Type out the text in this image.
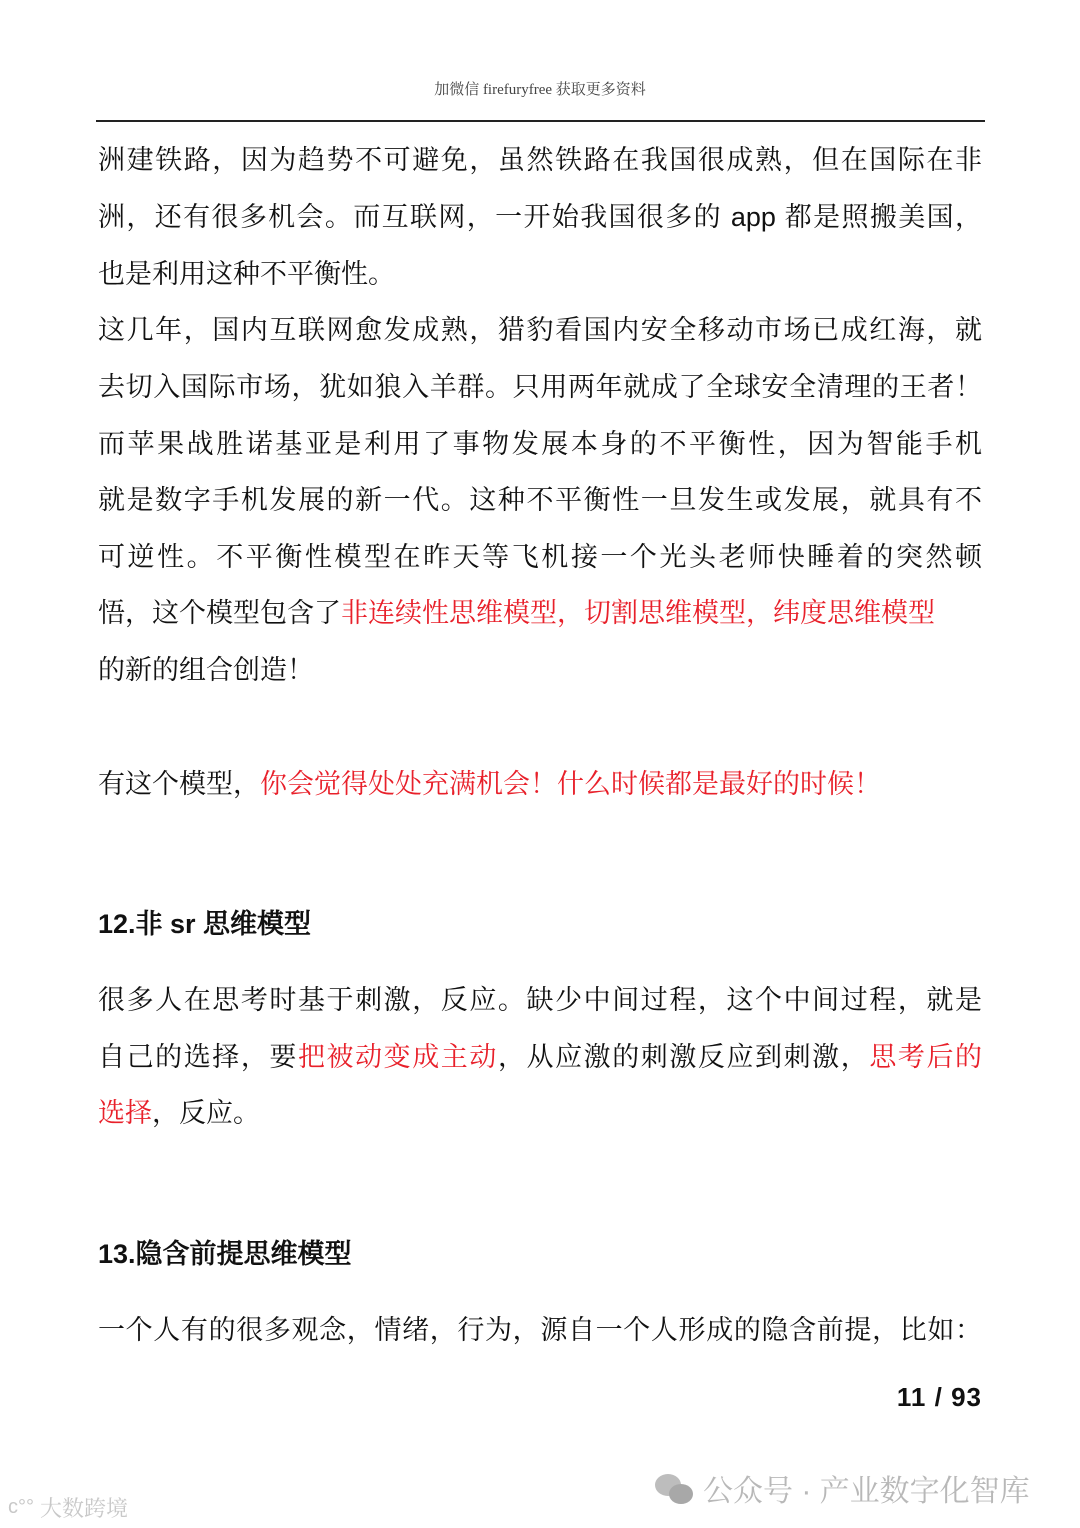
加微信 firefuryfree 获取更多资料
洲建铁路，因为趋势不可避免，虽然铁路在我国很成熟，但在国际在非
洲，还有很多机会。而互联网，一开始我国很多的 app 都是照搬美国，
也是利用这种不平衡性。
这几年，国内互联网愈发成熟，猎豹看国内安全移动市场已成红海，就
去切入国际市场，犹如狼入羊群。只用两年就成了全球安全清理的王者！
而苹果战胜诺基亚是利用了事物发展本身的不平衡性，因为智能手机
就是数字手机发展的新一代。这种不平衡性一旦发生或发展，就具有不
可逆性。不平衡性模型在昨天等飞机接一个光头老师快睡着的突然顿
悟，这个模型包含了非连续性思维模型，切割思维模型，纬度思维模型
的新的组合创造！
有这个模型，你会觉得处处充满机会！什么时候都是最好的时候！
12.非 sr 思维模型
很多人在思考时基于刺激，反应。缺少中间过程，这个中间过程，就是
自己的选择，要把被动变成主动，从应激的刺激反应到刺激，思考后的
选择，反应。
13.隐含前提思维模型
一个人有的很多观念，情绪，行为，源自一个人形成的隐含前提，比如：
11 / 93
公众号 · 产业数字化智库
ᴄ°° 大数跨境
